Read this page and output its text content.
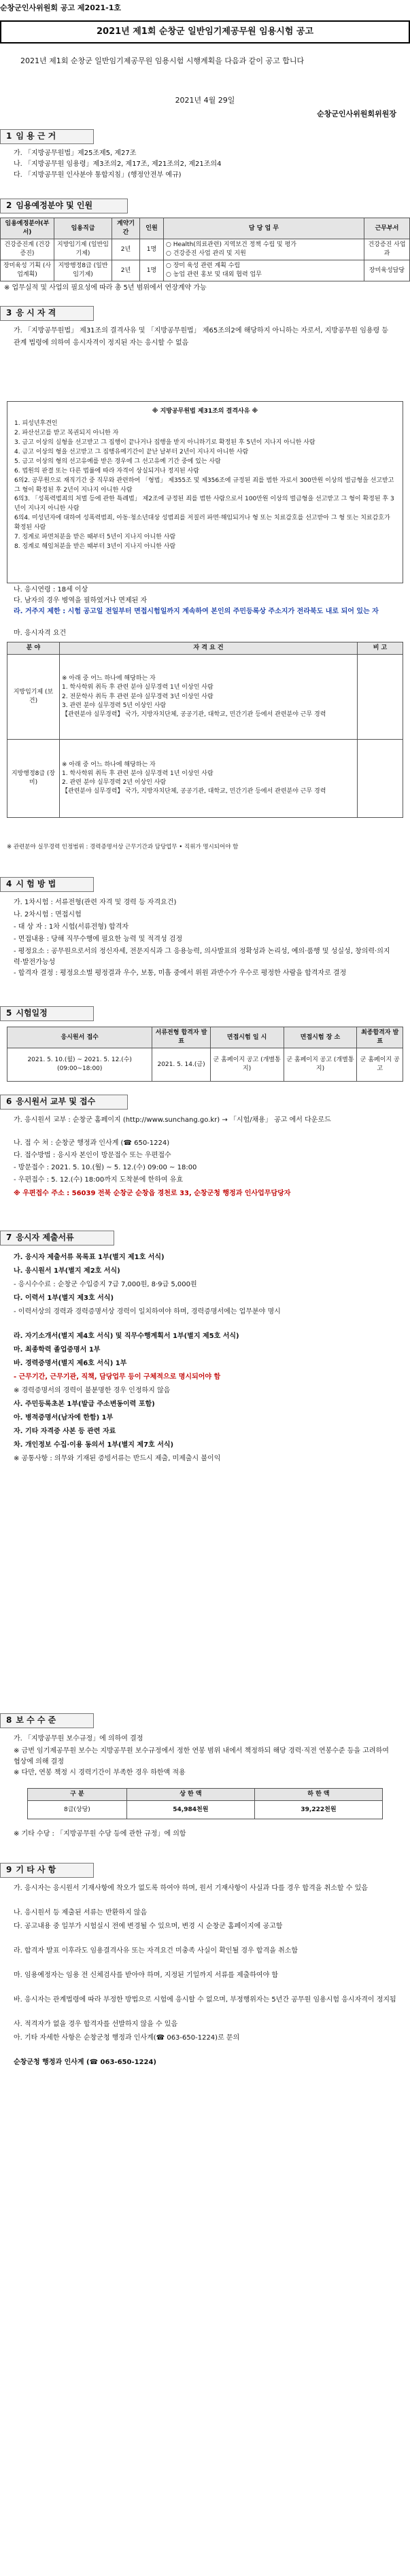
순창군인사위원회 공고 제2021-1호
2021년 제1회 순창군 일반임기제공무원 임용시험 공고
2021년 제1회 순창군 일반임기제공무원 임용시험 시행계획을 다음과 같이 공고 합니다
2021년 4월 29일
순창군인사위원회위원장
1 임 용 근 거
가. 「지방공무원법」제25조제5, 제27조
나. 「지방공무원 임용령」제3조의2, 제17조, 제21조의2, 제21조의4
다. 「지방공무원 인사분야 통합지침」(행정안전부 예규)
2 임용예정분야 및 인원
임용예정분야(부서)	임용직급	계약기간	인원	담 당 업 무	근무부서
건강증진계 (건강증진)	지방임기제 (일반임기제)	2년	1명	○ Health(의료관련) 지역보건 정책 수립 및 평가
○ 건강증진 사업 관리 및 지원	건강증진 사업과
장미육성 기획 (사업계획)	지방행정8급 (일반임기제)	2년	1명	○ 장미 육성 관련 계획 수립
○ 농업 관련 홍보 및 대외 협력 업무	장미육성담당
※ 업무실적 및 사업의 필요성에 따라 총 5년 범위에서 연장계약 가능
3 응 시 자 격
가. 「지방공무원법」 제31조의 결격사유 및 「지방공무원법」 제65조의2에 해당하지 아니하는 자로서, 지방공무원 임용령 등 관계 법령에 의하여 응시자격이 정지된 자는 응시할 수 없음
※ 지방공무원법 제31조의 결격사유 ※
1. 피성년후견인
2. 파산선고를 받고 복권되지 아니한 자
3. 금고 이상의 실형을 선고받고 그 집행이 끝나거나 집행을 받지 아니하기로 확정된 후 5년이 지나지 아니한 사람
4. 금고 이상의 형을 선고받고 그 집행유예기간이 끝난 날부터 2년이 지나지 아니한 사람
5. 금고 이상의 형의 선고유예를 받은 경우에 그 선고유예 기간 중에 있는 사람
6. 법원의 판결 또는 다른 법률에 따라 자격이 상실되거나 정지된 사람
6의2. 공무원으로 재직기간 중 직무와 관련하여 「형법」 제355조 및 제356조에 규정된 죄를 범한 자로서 300만원 이상의 벌금형을 선고받고 그 형이 확정된 후 2년이 지나지 아니한 사람
6의3. 「성폭력범죄의 처벌 등에 관한 특례법」 제2조에 규정된 죄를 범한 사람으로서 100만원 이상의 벌금형을 선고받고 그 형이 확정된 후 3년이 지나지 아니한 사람
6의4. 미성년자에 대하여 성폭력범죄, 아동·청소년대상 성범죄를 저질러 파면·해임되거나 형 또는 치료감호를 선고받아 그 형 또는 치료감호가 확정된 사람
7. 징계로 파면처분을 받은 때부터 5년이 지나지 아니한 사람
8. 징계로 해임처분을 받은 때부터 3년이 지나지 아니한 사람
나. 응시연령 : 18세 이상
다. 남자의 경우 병역을 필하였거나 면제된 자
라. 거주지 제한 : 시험 공고일 전일부터 면접시험일까지 계속하여 본인의 주민등록상 주소지가 전라북도 내로 되어 있는 자
마. 응시자격 요건
분 야	자 격 요 건	비 고
지방임기제 (보건)	※ 아래 중 어느 하나에 해당하는 자
1. 학사학위 취득 후 관련 분야 실무경력 1년 이상인 사람
2. 전문학사 취득 후 관련 분야 실무경력 3년 이상인 사람
3. 관련 분야 실무경력 5년 이상인 사람
【관련분야 실무경력】 국가, 지방자치단체, 공공기관, 대학교, 민간기관 등에서 관련분야 근무 경력	
지방행정8급 (장미)	※ 아래 중 어느 하나에 해당하는 자
1. 학사학위 취득 후 관련 분야 실무경력 1년 이상인 사람
2. 관련 분야 실무경력 2년 이상인 사람
【관련분야 실무경력】 국가, 지방자치단체, 공공기관, 대학교, 민간기관 등에서 관련분야 근무 경력	
※ 관련분야 실무경력 인정범위 : 경력증명서상 근무기간과 담당업무 • 직위가 명시되어야 함
4 시 험 방 법
가. 1차시험 : 서류전형(관련 자격 및 경력 등 자격요건)
나. 2차시험 : 면접시험
- 대 상 자 : 1차 시험(서류전형) 합격자
- 면접내용 : 당해 직무수행에 필요한 능력 및 적격성 검정
- 평정요소 : 공무원으로서의 정신자세, 전문지식과 그 응용능력, 의사발표의 정확성과 논리성, 예의·품행 및 성실성, 창의력·의지력·발전가능성
- 합격자 결정 : 평정요소별 평정결과 우수, 보통, 미흡 중에서 위원 과반수가 우수로 평정한 사람을 합격자로 결정
5 시험일정
응시원서 접수	서류전형 합격자 발표	면접시험 일 시	면접시험 장 소	최종합격자 발표
2021. 5. 10.(월) ~ 2021. 5. 12.(수) (09:00~18:00)	2021. 5. 14.(금)	군 홈페이지 공고 (개별통지)	군 홈페이지 공고 (개별통지)	군 홈페이지 공고
6 응시원서 교부 및 접수
가. 응시원서 교부 : 순창군 홈페이지 (http://www.sunchang.go.kr) → 「시험/채용」 공고 에서 다운로드
나. 접 수 처 : 순창군 행정과 인사계 (☎ 650-1224)
다. 접수방법 : 응시자 본인이 방문접수 또는 우편접수
- 방문접수 : 2021. 5. 10.(월) ~ 5. 12.(수) 09:00 ~ 18:00
- 우편접수 : 5. 12.(수) 18:00까지 도착분에 한하여 유효
※ 우편접수 주소 : 56039 전북 순창군 순창읍 경천로 33, 순창군청 행정과 인사업무담당자
7 응시자 제출서류
가. 응시자 제출서류 목록표 1부(별지 제1호 서식)
나. 응시원서 1부(별지 제2호 서식)
- 응시수수료 : 순창군 수입증지 7급 7,000원, 8·9급 5,000원
다. 이력서 1부(별지 제3호 서식)
- 이력서상의 경력과 경력증명서상 경력이 일치하여야 하며, 경력증명서에는 업무분야 명시
라. 자기소개서(별지 제4호 서식) 및 직무수행계획서 1부(별지 제5호 서식)
마. 최종학력 졸업증명서 1부
바. 경력증명서(별지 제6호 서식) 1부
- 근무기간, 근무기관, 직책, 담당업무 등이 구체적으로 명시되어야 함
※ 경력증명서의 경력이 불분명한 경우 인정하지 않음
사. 주민등록초본 1부(발급 주소변동이력 포함)
아. 병적증명서(남자에 한함) 1부
자. 기타 자격증 사본 등 관련 자료
차. 개인정보 수집·이용 동의서 1부(별지 제7호 서식)
※ 공통사항 : 의무와 기재된 증빙서류는 반드시 제출, 미제출시 불이익
8 보 수 수 준
가. 「지방공무원 보수규정」에 의하여 결정
※ 금번 임기제공무원 보수는 지방공무원 보수규정에서 정한 연봉 범위 내에서 책정하되 해당 경력·직전 연봉수준 등을 고려하여 협상에 의해 결정
※ 다만, 연봉 책정 시 경력기간이 부족한 경우 하한액 적용
구 분	상 한 액	하 한 액
8급(상당)	54,984천원	39,222천원
※ 기타 수당 : 「지방공무원 수당 등에 관한 규정」에 의함
9 기 타 사 항
가. 응시자는 응시원서 기재사항에 착오가 없도록 하여야 하며, 원서 기재사항이 사실과 다를 경우 합격을 취소할 수 있음
나. 응시원서 등 제출된 서류는 반환하지 않음
다. 공고내용 중 일부가 시험실시 전에 변경될 수 있으며, 변경 시 순창군 홈페이지에 공고함
라. 합격자 발표 이후라도 임용결격사유 또는 자격요건 미충족 사실이 확인될 경우 합격을 취소함
마. 임용예정자는 임용 전 신체검사를 받아야 하며, 지정된 기일까지 서류를 제출하여야 함
바. 응시자는 관계법령에 따라 부정한 방법으로 시험에 응시할 수 없으며, 부정행위자는 5년간 공무원 임용시험 응시자격이 정지됨
사. 적격자가 없을 경우 합격자를 선발하지 않을 수 있음
아. 기타 자세한 사항은 순창군청 행정과 인사계(☎ 063-650-1224)로 문의
순창군청 행정과 인사계 (☎ 063-650-1224)
